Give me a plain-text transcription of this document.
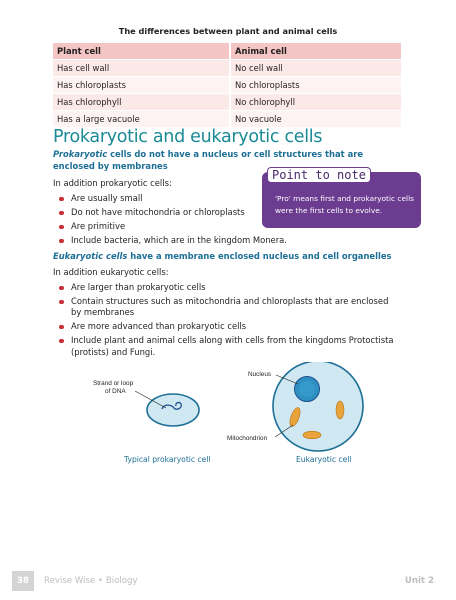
The differences between plant and animal cells
Plant cell	Animal cell
Has cell wall	No cell wall
Has chloroplasts	No chloroplasts
Has chlorophyll	No chlorophyll
Has a large vacuole	No vacuole
Prokaryotic and eukaryotic cells
Prokaryotic cells do not have a nucleus or cell structures that are enclosed by membranes
In addition prokaryotic cells:
Are usually small
Do not have mitochondria or chloroplasts
Are primitive
Include bacteria, which are in the kingdom Monera.
Point to note
'Pro' means first and prokaryotic cells were the first cells to evolve.
Eukaryotic cells have a membrane enclosed nucleus and cell organelles
In addition eukaryotic cells:
Are larger than prokaryotic cells
Contain structures such as mitochondria and chloroplasts that are enclosed by membranes
Are more advanced than prokaryotic cells
Include plant and animal cells along with cells from the kingdoms Protoctista (protists) and Fungi.
Strand or loop
of DNA
Typical prokaryotic cell
Nucleus
Mitochondrion
Eukaryotic cell
38	Revise Wise • Biology	Unit 2
